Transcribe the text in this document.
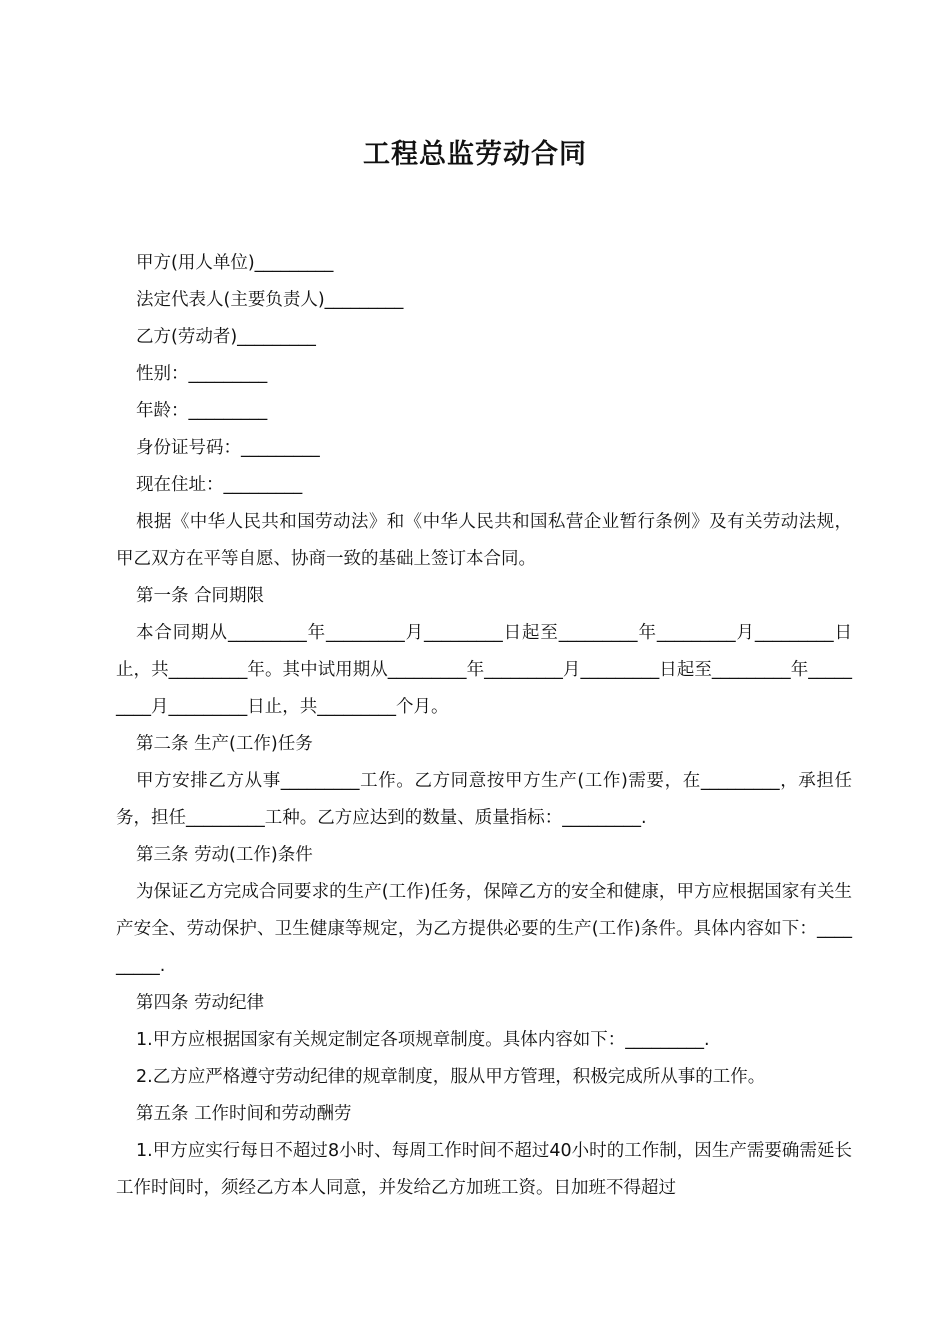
工程总监劳动合同
甲方(用人单位)_________
法定代表人(主要负责人)_________
乙方(劳动者)_________
性别：_________
年龄：_________
身份证号码：_________
现在住址：_________
根据《中华人民共和国劳动法》和《中华人民共和国私营企业暂行条例》及有关劳动法规，甲乙双方在平等自愿、协商一致的基础上签订本合同。
第一条 合同期限
本合同期从_________年_________月_________日起至_________年_________月_________日止，共_________年。其中试用期从_________年_________月_________日起至_________年_________月_________日止，共_________个月。
第二条 生产(工作)任务
甲方安排乙方从事_________工作。乙方同意按甲方生产(工作)需要，在_________，承担任务，担任_________工种。乙方应达到的数量、质量指标：_________.
第三条 劳动(工作)条件
为保证乙方完成合同要求的生产(工作)任务，保障乙方的安全和健康，甲方应根据国家有关生产安全、劳动保护、卫生健康等规定，为乙方提供必要的生产(工作)条件。具体内容如下：_________.
第四条 劳动纪律
1.甲方应根据国家有关规定制定各项规章制度。具体内容如下：_________.
2.乙方应严格遵守劳动纪律的规章制度，服从甲方管理，积极完成所从事的工作。
第五条 工作时间和劳动酬劳
1.甲方应实行每日不超过8小时、每周工作时间不超过40小时的工作制，因生产需要确需延长工作时间时，须经乙方本人同意，并发给乙方加班工资。日加班不得超过
